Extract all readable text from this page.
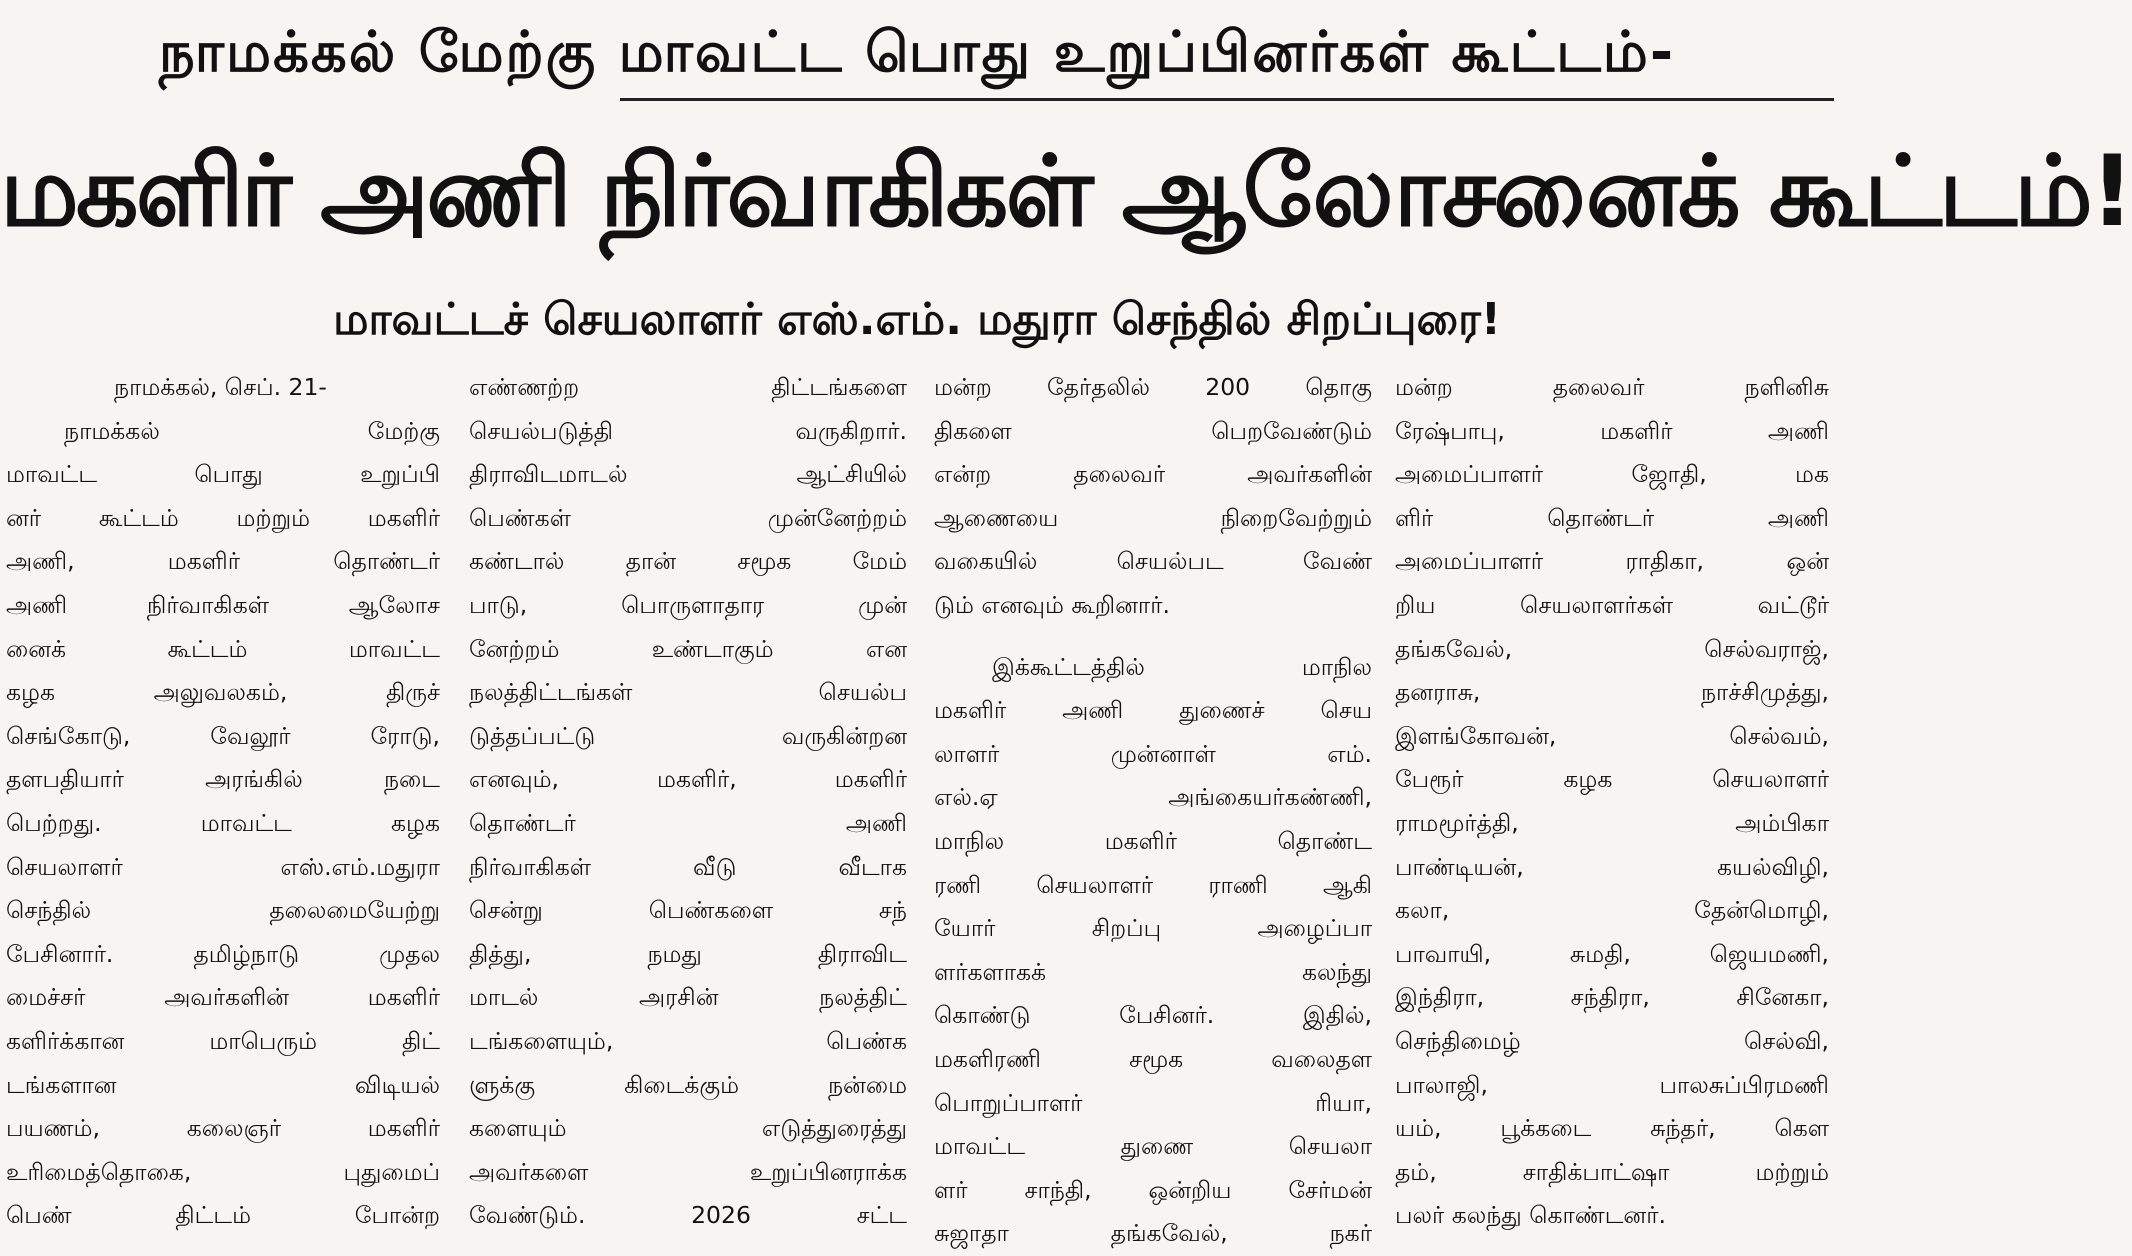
நாமக்கல் மேற்கு மாவட்ட பொது உறுப்பினர்கள் கூட்டம்-
மகளிர் அணி நிர்வாகிகள் ஆலோசனைக் கூட்டம்!
மாவட்டச் செயலாளர் எஸ்.எம். மதுரா செந்தில் சிறப்புரை!
நாமக்கல், செப். 21-
நாமக்கல் மேற்கு
மாவட்ட பொது உறுப்பி
னர் கூட்டம் மற்றும் மகளிர்
அணி, மகளிர் தொண்டர்
அணி நிர்வாகிகள் ஆலோச
னைக் கூட்டம் மாவட்ட
கழக அலுவலகம், திருச்
செங்கோடு, வேலூர் ரோடு,
தளபதியார் அரங்கில் நடை
பெற்றது. மாவட்ட கழக
செயலாளர் எஸ்.எம்.மதுரா
செந்தில் தலைமையேற்று
பேசினார். தமிழ்நாடு முதல
மைச்சர் அவர்களின் மகளிர்
களிர்க்கான மாபெரும் திட்
டங்களான விடியல்
பயணம், கலைஞர் மகளிர்
உரிமைத்தொகை, புதுமைப்
பெண் திட்டம் போன்ற
எண்ணற்ற திட்டங்களை
செயல்படுத்தி வருகிறார்.
திராவிடமாடல் ஆட்சியில்
பெண்கள் முன்னேற்றம்
கண்டால் தான் சமூக மேம்
பாடு, பொருளாதார முன்
னேற்றம் உண்டாகும் என
நலத்திட்டங்கள் செயல்ப
டுத்தப்பட்டு வருகின்றன
எனவும், மகளிர், மகளிர்
தொண்டர் அணி
நிர்வாகிகள் வீடு வீடாக
சென்று பெண்களை சந்
தித்து, நமது திராவிட
மாடல் அரசின் நலத்திட்
டங்களையும், பெண்க
ளுக்கு கிடைக்கும் நன்மை
களையும் எடுத்துரைத்து
அவர்களை உறுப்பினராக்க
வேண்டும். 2026 சட்ட
மன்ற தேர்தலில் 200 தொகு
திகளை பெறவேண்டும்
என்ற தலைவர் அவர்களின்
ஆணையை நிறைவேற்றும்
வகையில் செயல்பட வேண்
டும் எனவும் கூறினார்.
இக்கூட்டத்தில் மாநில
மகளிர் அணி துணைச் செய
லாளர் முன்னாள் எம்.
எல்.ஏ அங்கையர்கண்ணி,
மாநில மகளிர் தொண்ட
ரணி செயலாளர் ராணி ஆகி
யோர் சிறப்பு அழைப்பா
ளர்களாகக் கலந்து
கொண்டு பேசினர். இதில்,
மகளிரணி சமூக வலைதள
பொறுப்பாளர் ரியா,
மாவட்ட துணை செயலா
ளர் சாந்தி, ஒன்றிய சேர்மன்
சுஜாதா தங்கவேல், நகர்
மன்ற தலைவர் நளினிசு
ரேஷ்பாபு, மகளிர் அணி
அமைப்பாளர் ஜோதி, மக
ளிர் தொண்டர் அணி
அமைப்பாளர் ராதிகா, ஒன்
றிய செயலாளர்கள் வட்டூர்
தங்கவேல், செல்வராஜ்,
தனராசு, நாச்சிமுத்து,
இளங்கோவன், செல்வம்,
பேரூர் கழக செயலாளர்
ராமமூர்த்தி, அம்பிகா
பாண்டியன், கயல்விழி,
கலா, தேன்மொழி,
பாவாயி, சுமதி, ஜெயமணி,
இந்திரா, சந்திரா, சினேகா,
செந்திமைழ் செல்வி,
பாலாஜி, பாலசுப்பிரமணி
யம், பூக்கடை சுந்தர், கௌ
தம், சாதிக்பாட்ஷா மற்றும்
பலர் கலந்து கொண்டனர்.
